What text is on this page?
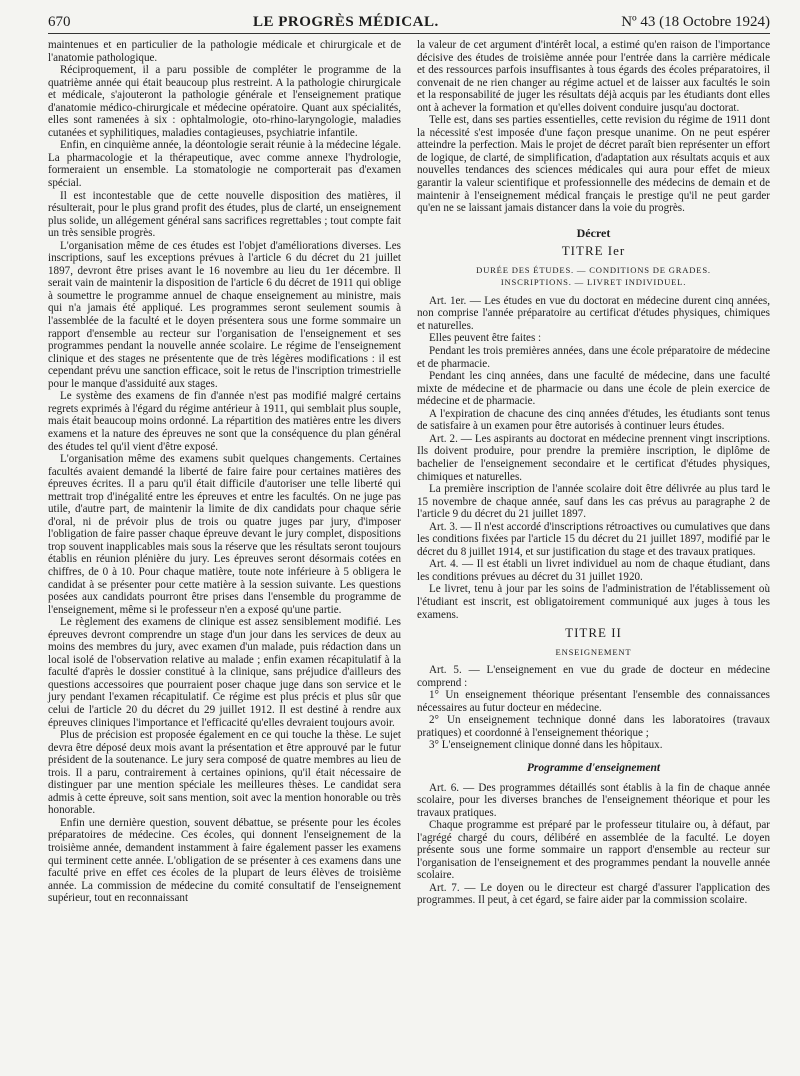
670	LE PROGRÈS MÉDICAL.	Nº 43 (18 Octobre 1924)

maintenues et en particulier de la pathologie médicale et chirurgicale et de l'anatomie pathologique.

Réciproquement, il a paru possible de compléter le programme de la quatrième année qui était beaucoup plus restreint. A la pathologie chirurgicale et médicale, s'ajouteront la pathologie générale et l'enseignement pratique d'anatomie médico-chirurgicale et médecine opératoire. Quant aux spécialités, elles sont ramenées à six : ophtalmologie, oto-rhino-laryngologie, maladies cutanées et syphilitiques, maladies contagieuses, psychiatrie infantile.

Enfin, en cinquième année, la déontologie serait réunie à la médecine légale. La pharmacologie et la thérapeutique, avec comme annexe l'hydrologie, formeraient un ensemble. La stomatologie ne comporterait pas d'examen spécial.

Il est incontestable que de cette nouvelle disposition des matières, il résulterait, pour le plus grand profit des études, plus de clarté, un enseignement plus solide, un allégement général sans sacrifices regrettables ; tout compte fait un très sensible progrès.

L'organisation même de ces études est l'objet d'améliorations diverses. Les inscriptions, sauf les exceptions prévues à l'article 6 du décret du 21 juillet 1897, devront être prises avant le 16 novembre au lieu du 1er décembre. Il serait vain de maintenir la disposition de l'article 6 du décret de 1911 qui oblige à soumettre le programme annuel de chaque enseignement au ministre, mais qui n'a jamais été appliqué. Les programmes seront seulement soumis à l'assemblée de la faculté et le doyen présentera sous une forme sommaire un rapport d'ensemble au recteur sur l'organisation de l'enseignement et ses programmes pendant la nouvelle année scolaire. Le régime de l'enseignement clinique et des stages ne présentente que de très légères modifications : il est cependant prévu une sanction efficace, soit le retus de l'inscription trimestrielle pour le manque d'assiduité aux stages.

Le système des examens de fin d'année n'est pas modifié malgré certains regrets exprimés à l'égard du régime antérieur à 1911, qui semblait plus souple, mais était beaucoup moins ordonné. La répartition des matières entre les divers examens et la nature des épreuves ne sont que la conséquence du plan général des études tel qu'il vient d'être exposé.

L'organisation même des examens subit quelques changements. Certaines facultés avaient demandé la liberté de faire faire pour certaines matières des épreuves écrites. Il a paru qu'il était difficile d'autoriser une telle liberté qui mettrait trop d'inégalité entre les épreuves et entre les facultés. On ne juge pas utile, d'autre part, de maintenir la limite de dix candidats pour chaque série d'oral, ni de prévoir plus de trois ou quatre juges par jury, d'imposer l'obligation de faire passer chaque épreuve devant le jury complet, dispositions trop souvent inapplicables mais sous la réserve que les résultats seront toujours établis en réunion plénière du jury. Les épreuves seront désormais cotées en chiffres, de 0 à 10. Pour chaque matière, toute note inférieure à 5 obligera le candidat à se présenter pour cette matière à la session suivante. Les questions posées aux candidats pourront être prises dans l'ensemble du programme de l'enseignement, même si le professeur n'en a exposé qu'une partie.

Le règlement des examens de clinique est assez sensiblement modifié. Les épreuves devront comprendre un stage d'un jour dans les services de deux au moins des membres du jury, avec examen d'un malade, puis rédaction dans un local isolé de l'observation relative au malade ; enfin examen récapitulatif à la faculté d'après le dossier constitué à la clinique, sans préjudice d'ailleurs des questions accessoires que pourraient poser chaque juge dans son service et le jury pendant l'examen récapitulatif. Ce régime est plus précis et plus sûr que celui de l'article 20 du décret du 29 juillet 1912. Il est destiné à rendre aux épreuves cliniques l'importance et l'efficacité qu'elles devraient toujours avoir.

Plus de précision est proposée également en ce qui touche la thèse. Le sujet devra être déposé deux mois avant la présentation et être approuvé par le futur président de la soutenance. Le jury sera composé de quatre membres au lieu de trois. Il a paru, contrairement à certaines opinions, qu'il était nécessaire de distinguer par une mention spéciale les meilleures thèses. Le candidat sera admis à cette épreuve, soit sans mention, soit avec la mention honorable ou très honorable.

Enfin une dernière question, souvent débattue, se présente pour les écoles préparatoires de médecine. Ces écoles, qui donnent l'enseignement de la troisième année, demandent instamment à faire également passer les examens qui terminent cette année. L'obligation de se présenter à ces examens dans une faculté prive en effet ces écoles de la plupart de leurs élèves de troisième année. La commission de médecine du comité consultatif de l'enseignement supérieur, tout en reconnaissant

la valeur de cet argument d'intérêt local, a estimé qu'en raison de l'importance décisive des études de troisième année pour l'entrée dans la carrière médicale et des ressources parfois insuffisantes à tous égards des écoles préparatoires, il convenait de ne rien changer au régime actuel et de laisser aux facultés le soin et la responsabilité de juger les résultats déjà acquis par les étudiants dont elles ont à achever la formation et qu'elles doivent conduire jusqu'au doctorat.

Telle est, dans ses parties essentielles, cette revision du régime de 1911 dont la nécessité s'est imposée d'une façon presque unanime. On ne peut espérer atteindre la perfection. Mais le projet de décret paraît bien représenter un effort de logique, de clarté, de simplification, d'adaptation aux résultats acquis et aux nouvelles tendances des sciences médicales qui aura pour effet de mieux garantir la valeur scientifique et professionnelle des médecins de demain et de maintenir à l'enseignement médical français le prestige qu'il ne peut garder qu'en ne se laissant jamais distancer dans la voie du progrès.

Décret

TITRE Ier

DURÉE DES ÉTUDES. — CONDITIONS DE GRADES.

INSCRIPTIONS. — LIVRET INDIVIDUEL.

Art. 1er. — Les études en vue du doctorat en médecine durent cinq années, non comprise l'année préparatoire au certificat d'études physiques, chimiques et naturelles.

Elles peuvent être faites :

Pendant les trois premières années, dans une école préparatoire de médecine et de pharmacie.

Pendant les cinq années, dans une faculté de médecine, dans une faculté mixte de médecine et de pharmacie ou dans une école de plein exercice de médecine et de pharmacie.

A l'expiration de chacune des cinq années d'études, les étudiants sont tenus de satisfaire à un examen pour être autorisés à continuer leurs études.

Art. 2. — Les aspirants au doctorat en médecine prennent vingt inscriptions. Ils doivent produire, pour prendre la première inscription, le diplôme de bachelier de l'enseignement secondaire et le certificat d'études physiques, chimiques et naturelles.

La première inscription de l'année scolaire doit être délivrée au plus tard le 15 novembre de chaque année, sauf dans les cas prévus au paragraphe 2 de l'article 9 du décret du 21 juillet 1897.

Art. 3. — Il n'est accordé d'inscriptions rétroactives ou cumulatives que dans les conditions fixées par l'article 15 du décret du 21 juillet 1897, modifié par le décret du 8 juillet 1914, et sur justification du stage et des travaux pratiques.

Art. 4. — Il est établi un livret individuel au nom de chaque étudiant, dans les conditions prévues au décret du 31 juillet 1920.

Le livret, tenu à jour par les soins de l'administration de l'établissement où l'étudiant est inscrit, est obligatoirement communiqué aux juges à tous les examens.

TITRE II

ENSEIGNEMENT

Art. 5. — L'enseignement en vue du grade de docteur en médecine comprend :

1° Un enseignement théorique présentant l'ensemble des connaissances nécessaires au futur docteur en médecine.

2° Un enseignement technique donné dans les laboratoires (travaux pratiques) et coordonné à l'enseignement théorique ;

3° L'enseignement clinique donné dans les hôpitaux.

Programme d'enseignement

Art. 6. — Des programmes détaillés sont établis à la fin de chaque année scolaire, pour les diverses branches de l'enseignement théorique et pour les travaux pratiques.

Chaque programme est préparé par le professeur titulaire ou, à défaut, par l'agrégé chargé du cours, délibéré en assemblée de la faculté. Le doyen présente sous une forme sommaire un rapport d'ensemble au recteur sur l'organisation de l'enseignement et des programmes pendant la nouvelle année scolaire.

Art. 7. — Le doyen ou le directeur est chargé d'assurer l'application des programmes. Il peut, à cet égard, se faire aider par la commission scolaire.
